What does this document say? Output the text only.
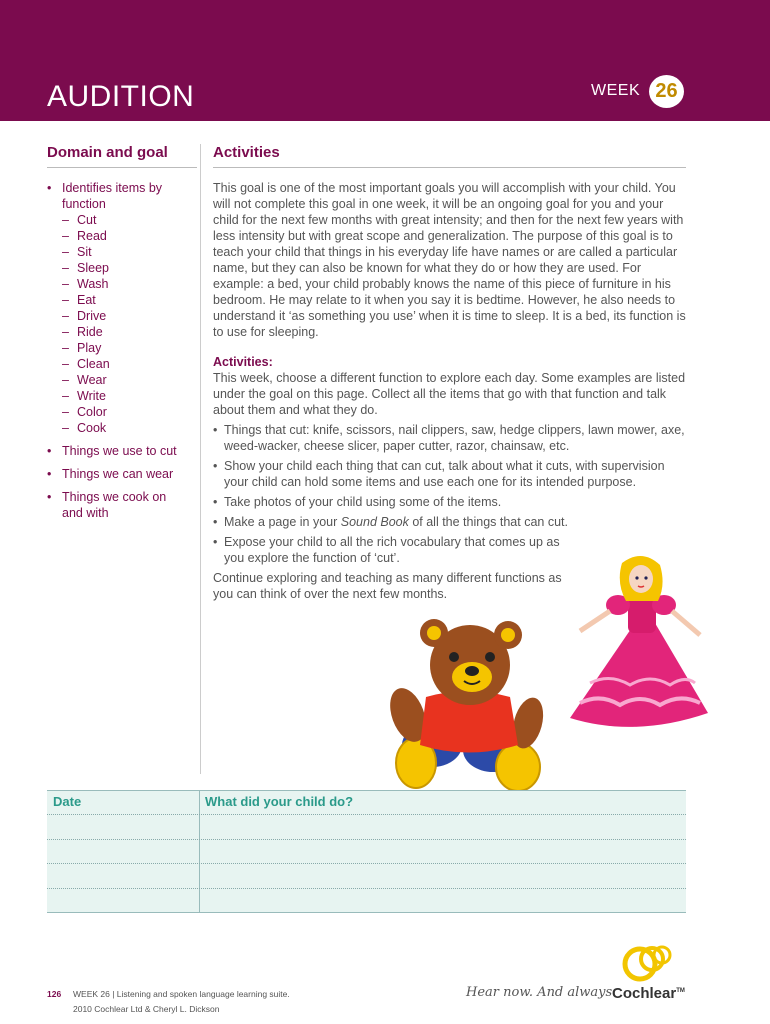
AUDITION	WEEK 26
Domain and goal	Activities
• Identifies items by
function
– Cut
– Read
– Sit
– Sleep
– Wash
– Eat
– Drive
– Ride
– Play
– Clean
– Wear
– Write
– Color
– Cook
• Things we use to cut
• Things we can wear
• Things we cook on
and with

This goal is one of the most important goals you will accomplish with your child. You will not complete this goal in one week, it will be an ongoing goal for you and your child for the next few months with great intensity; and then for the next few years with less intensity but with great scope and generalization. The purpose of this goal is to teach your child that things in his everyday life have names or are called a particular name, but they can also be known for what they do or how they are used. For example: a bed, your child probably knows the name of this piece of furniture in his bedroom. He may relate to it when you say it is bedtime. However, he also needs to understand it ‘as something you use’ when it is time to sleep. It is a bed, its function is to use for sleeping.

Activities:

This week, choose a different function to explore each day. Some examples are listed under the goal on this page. Collect all the items that go with that function and talk about them and what they do.

• Things that cut: knife, scissors, nail clippers, saw, hedge clippers, lawn mower, axe, weed-wacker, cheese slicer, paper cutter, razor, chainsaw, etc.
• Show your child each thing that can cut, talk about what it cuts, with supervision your child can hold some items and use each one for its intended purpose.
• Take photos of your child using some of the items.
• Make a page in your Sound Book of all the things that can cut.
• Expose your child to all the rich vocabulary that comes up as you explore the function of ‘cut’.

Continue exploring and teaching as many different functions as you can think of over the next few months.

Date	What did your child do?
126 WEEK 26 | Listening and spoken language learning suite.
2010 Cochlear Ltd & Cheryl L. Dickson
Hear now. And always Cochlear™
